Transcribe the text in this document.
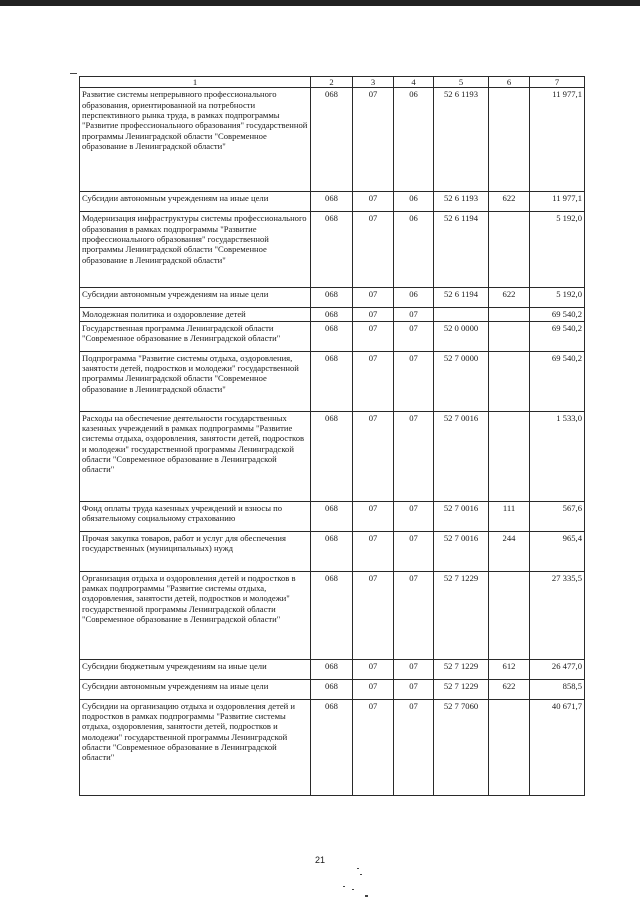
1	2	3	4	5	6	7
Развитие системы непрерывного профессионального образования, ориентированной на потребности перспективного рынка труда, в рамках подпрограммы "Развитие профессионального образования" государственной программы Ленинградской области "Современное образование в Ленинградской области"	068	07	06	52 6 1193		11 977,1
Субсидии автономным учреждениям на иные цели	068	07	06	52 6 1193	622	11 977,1
Модернизация инфраструктуры системы профессионального образования в рамках подпрограммы "Развитие профессионального образования" государственной программы Ленинградской области "Современное образование в Ленинградской области"	068	07	06	52 6 1194		5 192,0
Субсидии автономным учреждениям на иные цели	068	07	06	52 6 1194	622	5 192,0
Молодежная политика и оздоровление детей	068	07	07			69 540,2
Государственная программа Ленинградской области "Современное образование в Ленинградской области"	068	07	07	52 0 0000		69 540,2
Подпрограмма "Развитие системы отдыха, оздоровления, занятости детей, подростков и молодежи" государственной программы Ленинградской области "Современное образование в Ленинградской области"	068	07	07	52 7 0000		69 540,2
Расходы на обеспечение деятельности государственных казенных учреждений в рамках подпрограммы "Развитие системы отдыха, оздоровления, занятости детей, подростков и молодежи" государственной программы Ленинградской области "Современное образование в Ленинградской области"	068	07	07	52 7 0016		1 533,0
Фонд оплаты труда казенных учреждений и взносы по обязательному социальному страхованию	068	07	07	52 7 0016	111	567,6
Прочая закупка товаров, работ и услуг для обеспечения государственных (муниципальных) нужд	068	07	07	52 7 0016	244	965,4
Организация отдыха и оздоровления детей и подростков в рамках подпрограммы "Развитие системы отдыха, оздоровления, занятости детей, подростков и молодежи" государственной программы Ленинградской области "Современное образование в Ленинградской области"	068	07	07	52 7 1229		27 335,5
Субсидии бюджетным учреждениям на иные цели	068	07	07	52 7 1229	612	26 477,0
Субсидии автономным учреждениям на иные цели	068	07	07	52 7 1229	622	858,5
Субсидии на организацию отдыха и оздоровления детей и подростков в рамках подпрограммы "Развитие системы отдыха, оздоровления, занятости детей, подростков и молодежи" государственной программы Ленинградской области "Современное образование в Ленинградской области"	068	07	07	52 7 7060		40 671,7
21
